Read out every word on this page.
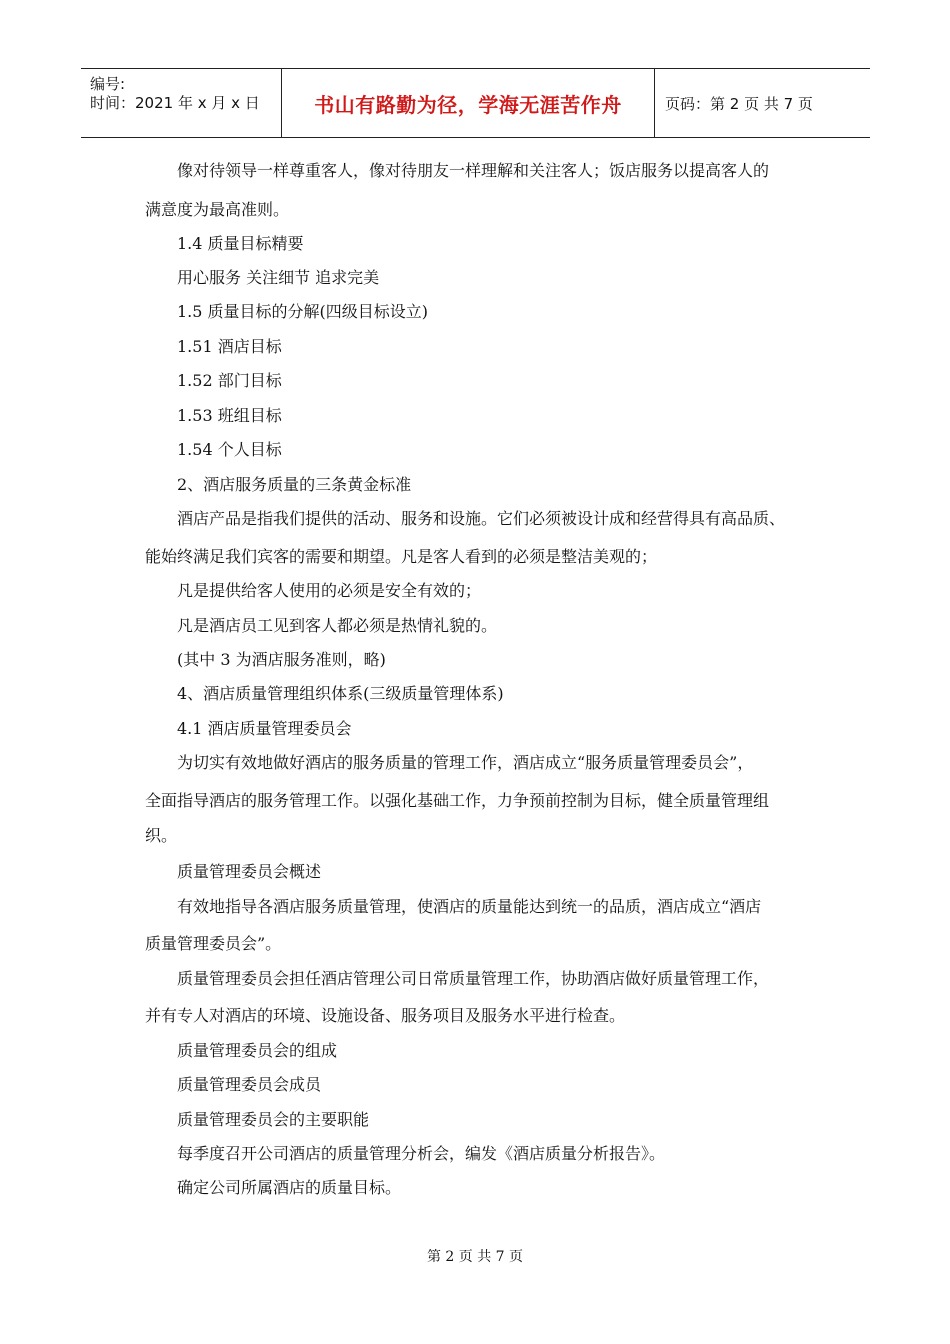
编号:
时间：2021 年 x 月 x 日	书山有路勤为径，学海无涯苦作舟	页码：第 2 页 共 7 页
像对待领导一样尊重客人，像对待朋友一样理解和关注客人；饭店服务以提高客人的
满意度为最高准则。
1.4 质量目标精要
用心服务 关注细节 追求完美
1.5 质量目标的分解(四级目标设立)
1.51 酒店目标
1.52 部门目标
1.53 班组目标
1.54 个人目标
2、酒店服务质量的三条黄金标准
酒店产品是指我们提供的活动、服务和设施。它们必须被设计成和经营得具有高品质、
能始终满足我们宾客的需要和期望。凡是客人看到的必须是整洁美观的；
凡是提供给客人使用的必须是安全有效的；
凡是酒店员工见到客人都必须是热情礼貌的。
(其中 3 为酒店服务准则，略)
4、酒店质量管理组织体系(三级质量管理体系)
4.1 酒店质量管理委员会
为切实有效地做好酒店的服务质量的管理工作，酒店成立“服务质量管理委员会”，
全面指导酒店的服务管理工作。以强化基础工作，力争预前控制为目标，健全质量管理组
织。
质量管理委员会概述
有效地指导各酒店服务质量管理，使酒店的质量能达到统一的品质，酒店成立“酒店
质量管理委员会”。
质量管理委员会担任酒店管理公司日常质量管理工作，协助酒店做好质量管理工作，
并有专人对酒店的环境、设施设备、服务项目及服务水平进行检查。
质量管理委员会的组成
质量管理委员会成员
质量管理委员会的主要职能
每季度召开公司酒店的质量管理分析会，编发《酒店质量分析报告》。
确定公司所属酒店的质量目标。
第 2 页 共 7 页
